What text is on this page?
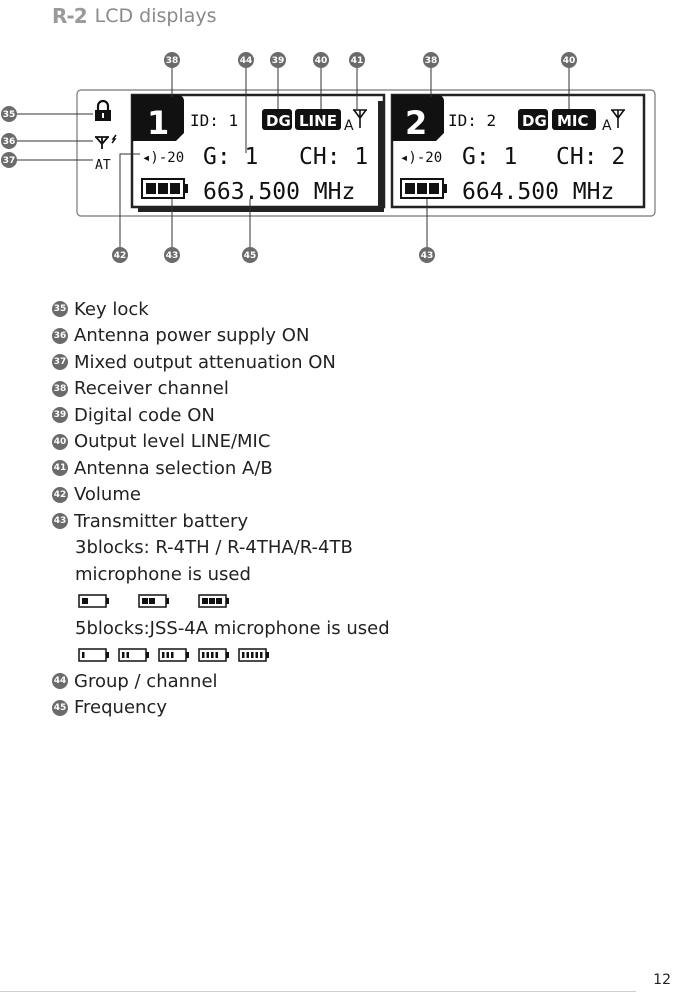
R-2 LCD displays
AT
1 ID: 1 DG LINE A
◂)-20 G: 1 CH: 1
663.500 MHz
2 ID: 2 DG MIC A
◂)-20 G: 1 CH: 2
664.500 MHz
38	44 39	40	41	38	40
35
36
37
42	43	45	43
35 Key lock
36 Antenna power supply ON
37 Mixed output attenuation ON
38 Receiver channel
39 Digital code ON
40 Output level LINE/MIC
41 Antenna selection A/B
42 Volume
43 Transmitter battery
3blocks: R-4TH / R-4THA/R-4TB
microphone is used
5blocks:JSS-4A microphone is used
44 Group / channel
45 Frequency
12
